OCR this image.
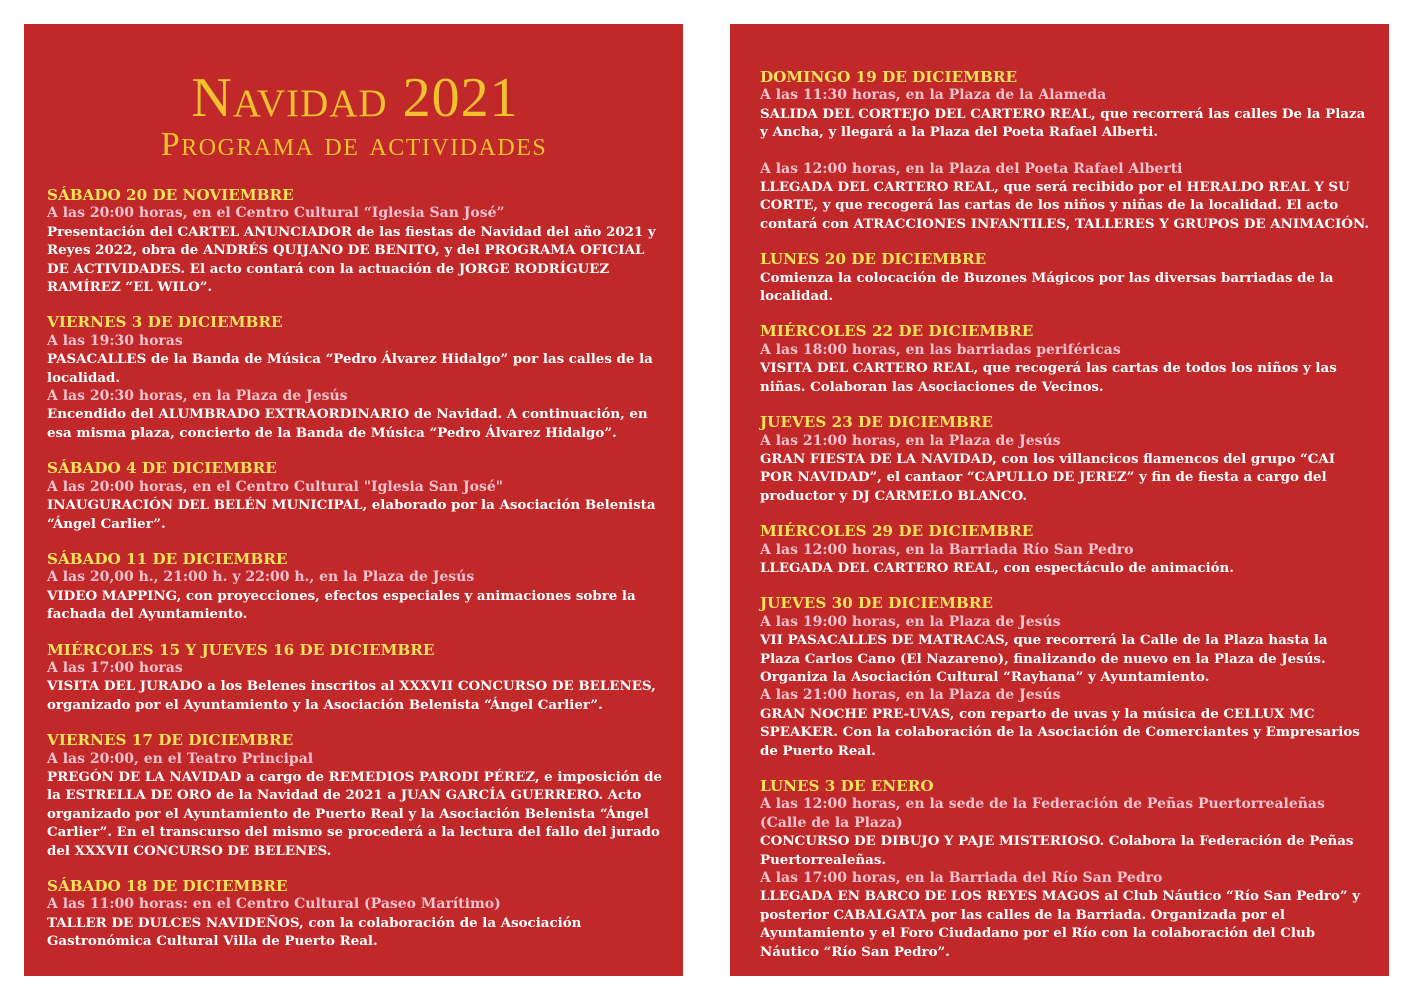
Navidad 2021
Programa de actividades
SÁBADO 20 DE NOVIEMBRE
A las 20:00 horas, en el Centro Cultural “Iglesia San José”
Presentación del CARTEL ANUNCIADOR de las fiestas de Navidad del año 2021 y Reyes 2022, obra de ANDRÉS QUIJANO DE BENITO, y del PROGRAMA OFICIAL DE ACTIVIDADES. El acto contará con la actuación de JORGE RODRÍGUEZ RAMÍREZ “EL WILO”.
VIERNES 3 DE DICIEMBRE
A las 19:30 horas
PASACALLES de la Banda de Música “Pedro Álvarez Hidalgo” por las calles de la localidad.
A las 20:30 horas, en la Plaza de Jesús
Encendido del ALUMBRADO EXTRAORDINARIO de Navidad. A continuación, en esa misma plaza, concierto de la Banda de Música “Pedro Álvarez Hidalgo”.
SÁBADO 4 DE DICIEMBRE
A las 20:00 horas, en el Centro Cultural "Iglesia San José"
INAUGURACIÓN DEL BELÉN MUNICIPAL, elaborado por la Asociación Belenista “Ángel Carlier”.
SÁBADO 11 DE DICIEMBRE
A las 20,00 h., 21:00 h. y 22:00 h., en la Plaza de Jesús
VIDEO MAPPING, con proyecciones, efectos especiales y animaciones sobre la fachada del Ayuntamiento.
MIÉRCOLES 15 Y JUEVES 16 DE DICIEMBRE
A las 17:00 horas
VISITA DEL JURADO a los Belenes inscritos al XXXVII CONCURSO DE BELENES, organizado por el Ayuntamiento y la Asociación Belenista “Ángel Carlier”.
VIERNES 17 DE DICIEMBRE
A las 20:00, en el Teatro Principal
PREGÓN DE LA NAVIDAD a cargo de REMEDIOS PARODI PÉREZ, e imposición de la ESTRELLA DE ORO de la Navidad de 2021 a JUAN GARCÍA GUERRERO. Acto organizado por el Ayuntamiento de Puerto Real y la Asociación Belenista “Ángel Carlier”. En el transcurso del mismo se procederá a la lectura del fallo del jurado del XXXVII CONCURSO DE BELENES.
SÁBADO 18 DE DICIEMBRE
A las 11:00 horas: en el Centro Cultural (Paseo Marítimo)
TALLER DE DULCES NAVIDEÑOS, con la colaboración de la Asociación Gastronómica Cultural Villa de Puerto Real.
DOMINGO 19 DE DICIEMBRE
A las 11:30 horas, en la Plaza de la Alameda
SALIDA DEL CORTEJO DEL CARTERO REAL, que recorrerá las calles De la Plaza y Ancha, y llegará a la Plaza del Poeta Rafael Alberti.
A las 12:00 horas, en la Plaza del Poeta Rafael Alberti
LLEGADA DEL CARTERO REAL, que será recibido por el HERALDO REAL Y SU CORTE, y que recogerá las cartas de los niños y niñas de la localidad. El acto contará con ATRACCIONES INFANTILES, TALLERES Y GRUPOS DE ANIMACIÓN.
LUNES 20 DE DICIEMBRE
Comienza la colocación de Buzones Mágicos por las diversas barriadas de la localidad.
MIÉRCOLES 22 DE DICIEMBRE
A las 18:00 horas, en las barriadas periféricas
VISITA DEL CARTERO REAL, que recogerá las cartas de todos los niños y las niñas. Colaboran las Asociaciones de Vecinos.
JUEVES 23 DE DICIEMBRE
A las 21:00 horas, en la Plaza de Jesús
GRAN FIESTA DE LA NAVIDAD, con los villancicos flamencos del grupo “CAI POR NAVIDAD”, el cantaor “CAPULLO DE JEREZ” y fin de fiesta a cargo del productor y DJ CARMELO BLANCO.
MIÉRCOLES 29 DE DICIEMBRE
A las 12:00 horas, en la Barriada Río San Pedro
LLEGADA DEL CARTERO REAL, con espectáculo de animación.
JUEVES 30 DE DICIEMBRE
A las 19:00 horas, en la Plaza de Jesús
VII PASACALLES DE MATRACAS, que recorrerá la Calle de la Plaza hasta la Plaza Carlos Cano (El Nazareno), finalizando de nuevo en la Plaza de Jesús. Organiza la Asociación Cultural “Rayhana” y Ayuntamiento.
A las 21:00 horas, en la Plaza de Jesús
GRAN NOCHE PRE-UVAS, con reparto de uvas y la música de CELLUX MC SPEAKER. Con la colaboración de la Asociación de Comerciantes y Empresarios de Puerto Real.
LUNES 3 DE ENERO
A las 12:00 horas, en la sede de la Federación de Peñas Puertorrealeñas (Calle de la Plaza)
CONCURSO DE DIBUJO Y PAJE MISTERIOSO. Colabora la Federación de Peñas Puertorrealeñas.
A las 17:00 horas, en la Barriada del Río San Pedro
LLEGADA EN BARCO DE LOS REYES MAGOS al Club Náutico “Río San Pedro” y posterior CABALGATA por las calles de la Barriada. Organizada por el Ayuntamiento y el Foro Ciudadano por el Río con la colaboración del Club Náutico “Río San Pedro”.
